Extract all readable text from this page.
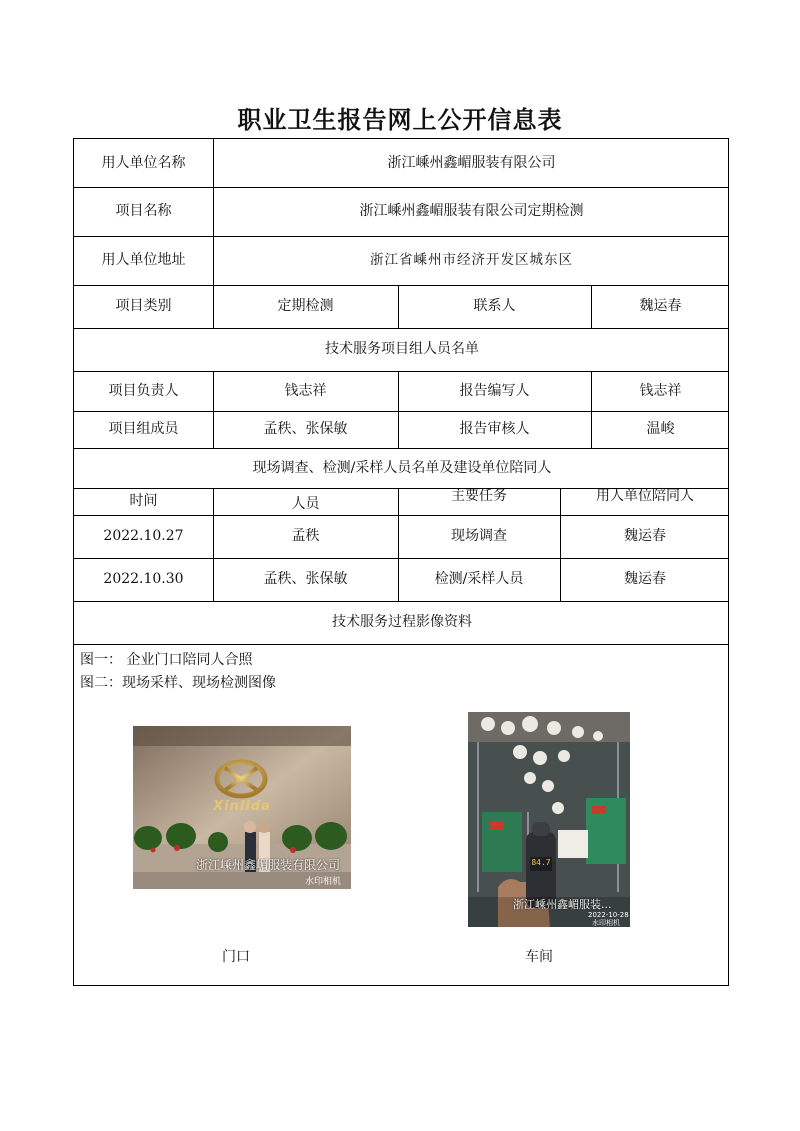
职业卫生报告网上公开信息表
用人单位名称	浙江嵊州鑫嵋服装有限公司
项目名称	浙江嵊州鑫嵋服装有限公司定期检测
用人单位地址	浙江省嵊州市经济开发区城东区
项目类别	定期检测	联系人	魏运春
技术服务项目组人员名单
项目负责人	钱志祥	报告编写人	钱志祥
项目组成员	孟秩、张保敏	报告审核人	温峻
现场调查、检测/采样人员名单及建设单位陪同人
时间	人员	主要任务	用人单位陪同人
2022.10.27	孟秩	现场调查	魏运春
2022.10.30	孟秩、张保敏	检测/采样人员	魏运春
技术服务过程影像资料
图一： 企业门口陪同人合照
图二：现场采样、现场检测图像
Xinlida
浙江嵊州鑫嵋服装有限公司
水印相机
84.7
浙江嵊州鑫嵋服装...
2022-10-28
水印相机
门口	车间
